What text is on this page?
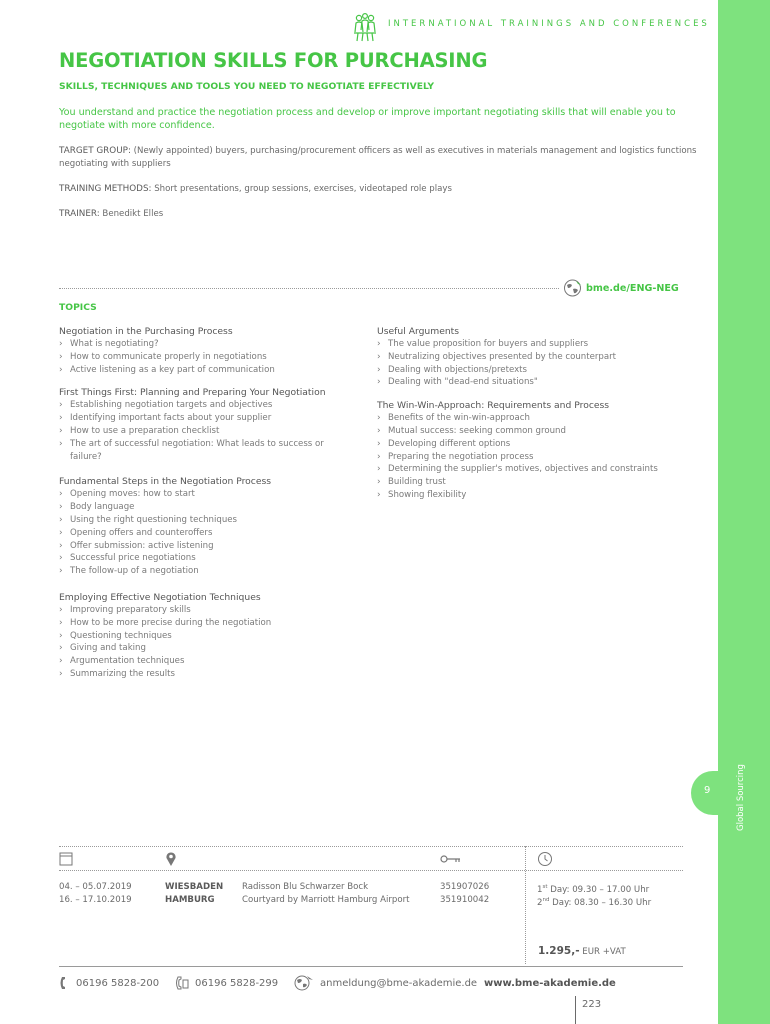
9	Global Sourcing
INTERNATIONAL TRAININGS AND CONFERENCES
NEGOTIATION SKILLS FOR PURCHASING
SKILLS, TECHNIQUES AND TOOLS YOU NEED TO NEGOTIATE EFFECTIVELY

You understand and practice the negotiation process and develop or improve important negotiating skills that will enable you to negotiate with more confidence.

TARGET GROUP: (Newly appointed) buyers, purchasing/procurement officers as well as executives in materials management and logistics functions negotiating with suppliers

TRAINING METHODS: Short presentations, group sessions, exercises, videotaped role plays

TRAINER: Benedikt Elles

bme.de/ENG-NEG
TOPICS
Negotiation in the Purchasing Process
› What is negotiating?
› How to communicate properly in negotiations
› Active listening as a key part of communication
First Things First: Planning and Preparing Your Negotiation
› Establishing negotiation targets and objectives
› Identifying important facts about your supplier
› How to use a preparation checklist
› The art of successful negotiation: What leads to success or failure?
Fundamental Steps in the Negotiation Process
› Opening moves: how to start
› Body language
› Using the right questioning techniques
› Opening offers and counteroffers
› Offer submission: active listening
› Successful price negotiations
› The follow-up of a negotiation
Employing Effective Negotiation Techniques
› Improving preparatory skills
› How to be more precise during the negotiation
› Questioning techniques
› Giving and taking
› Argumentation techniques
› Summarizing the results
Useful Arguments
› The value proposition for buyers and suppliers
› Neutralizing objectives presented by the counterpart
› Dealing with objections/pretexts
› Dealing with "dead-end situations"
The Win-Win-Approach: Requirements and Process
› Benefits of the win-win-approach
› Mutual success: seeking common ground
› Developing different options
› Preparing the negotiation process
› Determining the supplier's motives, objectives and constraints
› Building trust
› Showing flexibility
04. – 05.07.2019	WIESBADEN Radisson Blu Schwarzer Bock	351907026	1st Day: 09.30 – 17.00 Uhr
16. – 17.10.2019	HAMBURG	Courtyard by Marriott Hamburg Airport	351910042	2nd Day: 08.30 – 16.30 Uhr
1.295,- EUR +VAT
06196 5828-200	06196 5828-299	anmeldung@bme-akademie.de www.bme-akademie.de
223
